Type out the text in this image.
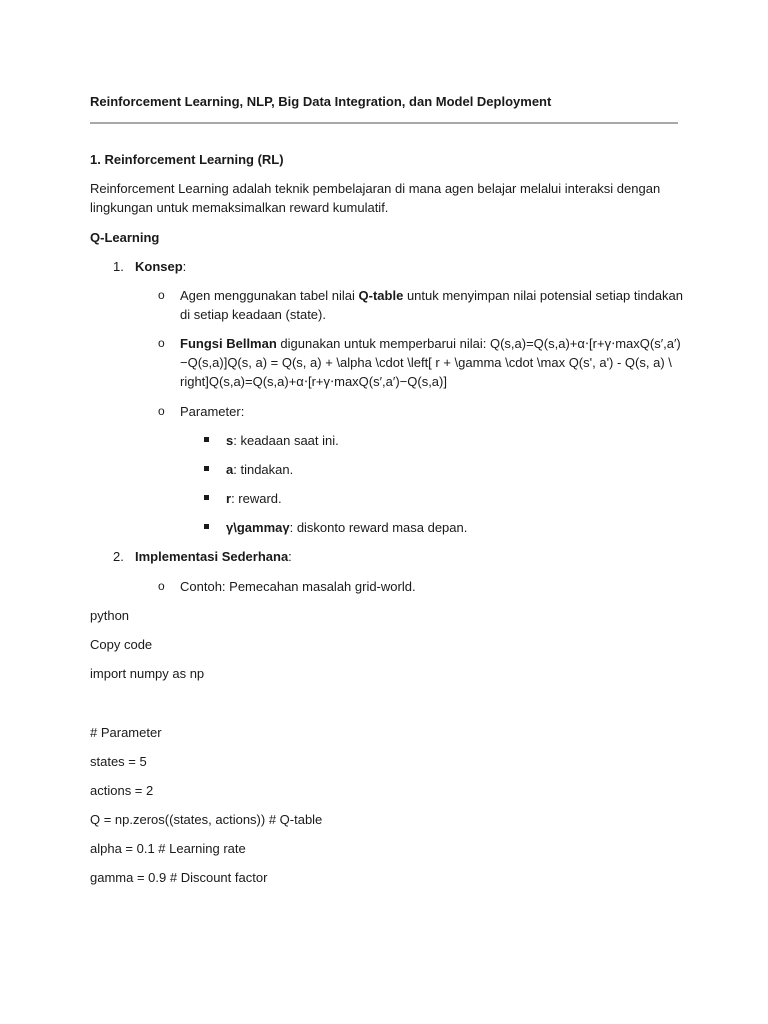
Reinforcement Learning, NLP, Big Data Integration, dan Model Deployment
1. Reinforcement Learning (RL)
Reinforcement Learning adalah teknik pembelajaran di mana agen belajar melalui interaksi dengan
lingkungan untuk memaksimalkan reward kumulatif.
Q-Learning
1. Konsep:
o Agen menggunakan tabel nilai Q-table untuk menyimpan nilai potensial setiap tindakan
di setiap keadaan (state).
o Fungsi Bellman digunakan untuk memperbarui nilai: Q(s,a)=Q(s,a)+α⋅[r+γ⋅maxQ(s′,a′)
−Q(s,a)]Q(s, a) = Q(s, a) + \alpha \cdot \left[ r + \gamma \cdot \max Q(s', a') - Q(s, a) \
right]Q(s,a)=Q(s,a)+α⋅[r+γ⋅maxQ(s′,a′)−Q(s,a)]
o Parameter:
s: keadaan saat ini.
a: tindakan.
r: reward.
γ\gammaγ: diskonto reward masa depan.
2. Implementasi Sederhana:
o Contoh: Pemecahan masalah grid-world.
python
Copy code
import numpy as np
# Parameter
states = 5
actions = 2
Q = np.zeros((states, actions)) # Q-table
alpha = 0.1 # Learning rate
gamma = 0.9 # Discount factor
